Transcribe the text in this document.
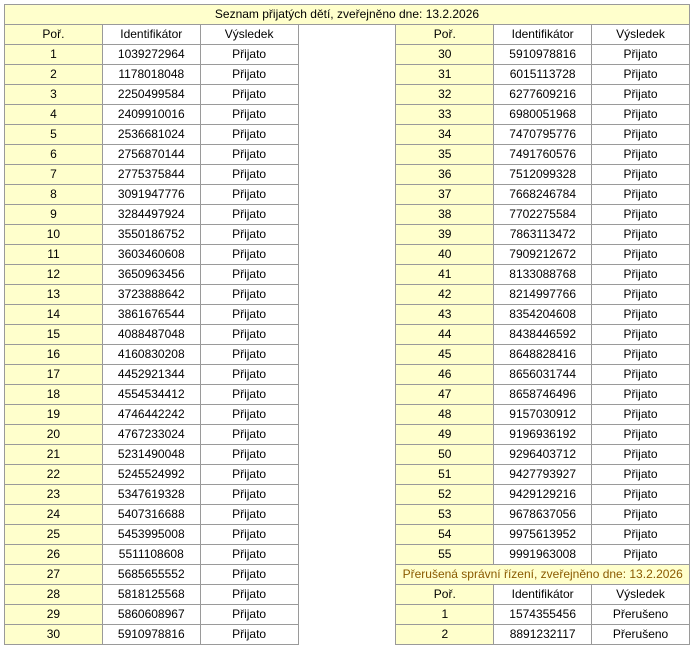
Seznam přijatých dětí, zveřejněno dne: 13.2.2026						
Poř.	Identifikátor	Výsledek		Poř.	Identifikátor	Výsledek
1	1039272964	Přijato		30	5910978816	Přijato
2	1178018048	Přijato		31	6015113728	Přijato
3	2250499584	Přijato		32	6277609216	Přijato
4	2409910016	Přijato		33	6980051968	Přijato
5	2536681024	Přijato		34	7470795776	Přijato
6	2756870144	Přijato		35	7491760576	Přijato
7	2775375844	Přijato		36	7512099328	Přijato
8	3091947776	Přijato		37	7668246784	Přijato
9	3284497924	Přijato		38	7702275584	Přijato
10	3550186752	Přijato		39	7863113472	Přijato
11	3603460608	Přijato		40	7909212672	Přijato
12	3650963456	Přijato		41	8133088768	Přijato
13	3723888642	Přijato		42	8214997766	Přijato
14	3861676544	Přijato		43	8354204608	Přijato
15	4088487048	Přijato		44	8438446592	Přijato
16	4160830208	Přijato		45	8648828416	Přijato
17	4452921344	Přijato		46	8656031744	Přijato
18	4554534412	Přijato		47	8658746496	Přijato
19	4746442242	Přijato		48	9157030912	Přijato
20	4767233024	Přijato		49	9196936192	Přijato
21	5231490048	Přijato		50	9296403712	Přijato
22	5245524992	Přijato		51	9427793927	Přijato
23	5347619328	Přijato		52	9429129216	Přijato
24	5407316688	Přijato		53	9678637056	Přijato
25	5453995008	Přijato		54	9975613952	Přijato
26	5511108608	Přijato		55	9991963008	Přijato
27	5685655552	Přijato		Přerušená správní řízení, zveřejněno dne: 13.2.2026		
28	5818125568	Přijato		Poř.	Identifikátor	Výsledek
29	5860608967	Přijato		1	1574355456	Přerušeno
30	5910978816	Přijato		2	8891232117	Přerušeno
